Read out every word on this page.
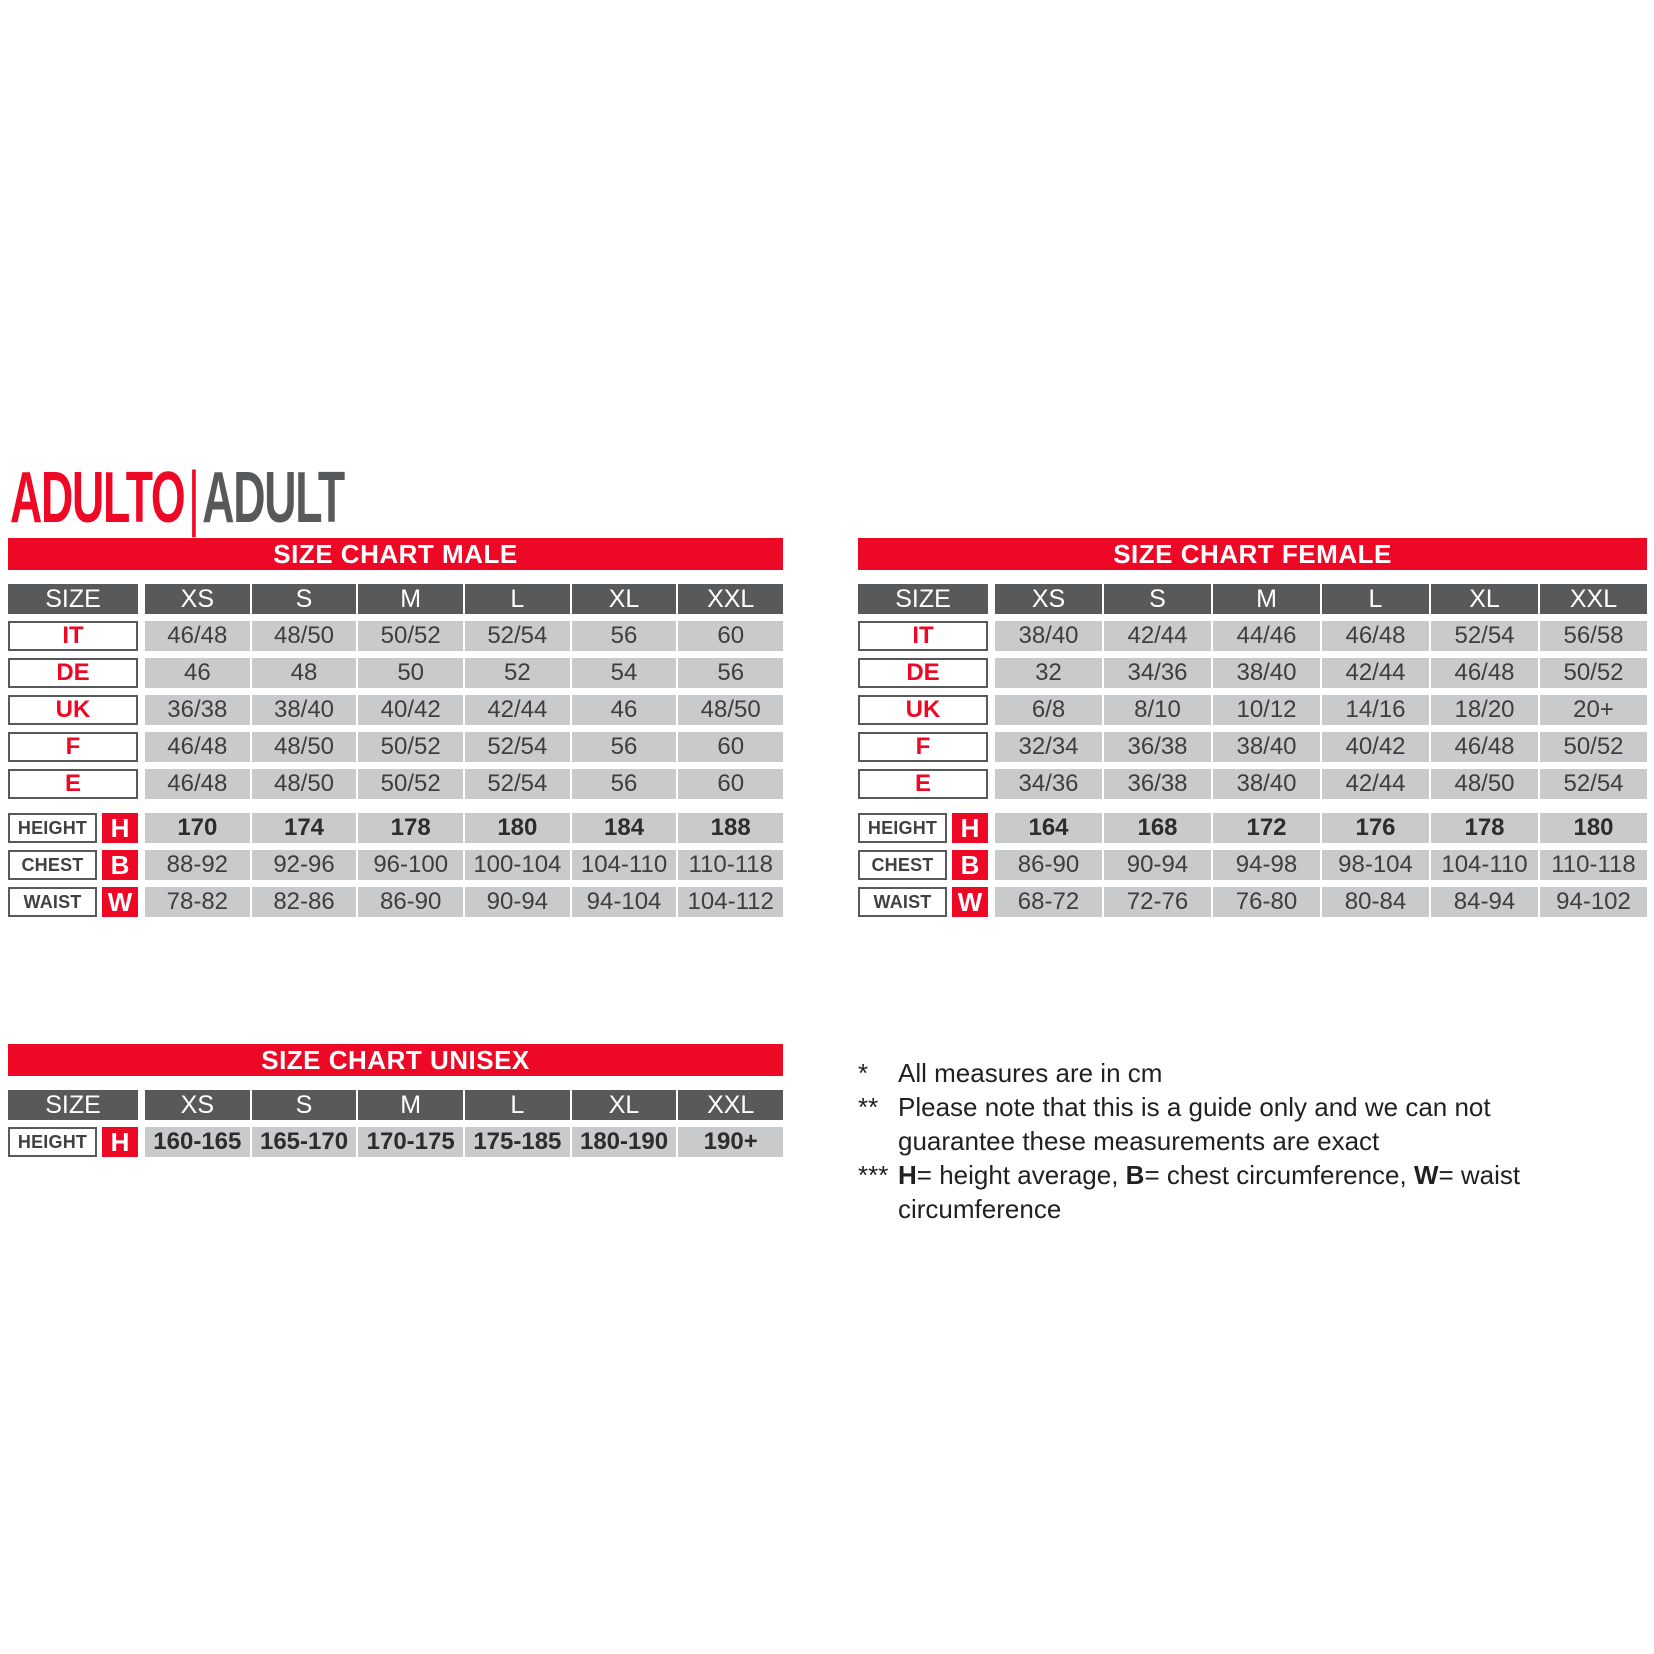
ADULTO|ADULT
SIZE CHART MALE
SIZE	XS	S	M	L	XL	XXL
IT	46/48	48/50	50/52	52/54	56	60
DE	46	48	50	52	54	56
UK	36/38	38/40	40/42	42/44	46	48/50
F	46/48	48/50	50/52	52/54	56	60
E	46/48	48/50	50/52	52/54	56	60
HEIGHT H	170	174	178	180	184	188
CHEST	B	88-92	92-96	96-100	100-104 104-110 110-118
WAIST	W	78-82	82-86	86-90	90-94	94-104	104-112
SIZE CHART FEMALE
SIZE	XS	S	M	L	XL	XXL
IT	38/40	42/44	44/46	46/48	52/54	56/58
DE	32	34/36	38/40	42/44	46/48	50/52
UK	6/8	8/10	10/12	14/16	18/20	20+
F	32/34	36/38	38/40	40/42	46/48	50/52
E	34/36	36/38	38/40	42/44	48/50	52/54
HEIGHT H	164	168	172	176	178	180
CHEST	B	86-90	90-94	94-98	98-104	104-110 110-118
WAIST	W	68-72	72-76	76-80	80-84	84-94	94-102
SIZE CHART UNISEX
SIZE	XS	S	M	L	XL	XXL
HEIGHT H 160-165 165-170 170-175 175-185 180-190	190+
*	All measures are in cm
** Please note that this is a guide only and we can not guarantee these measurements are exact
*** H= height average, B= chest circumference, W= waist circumference
